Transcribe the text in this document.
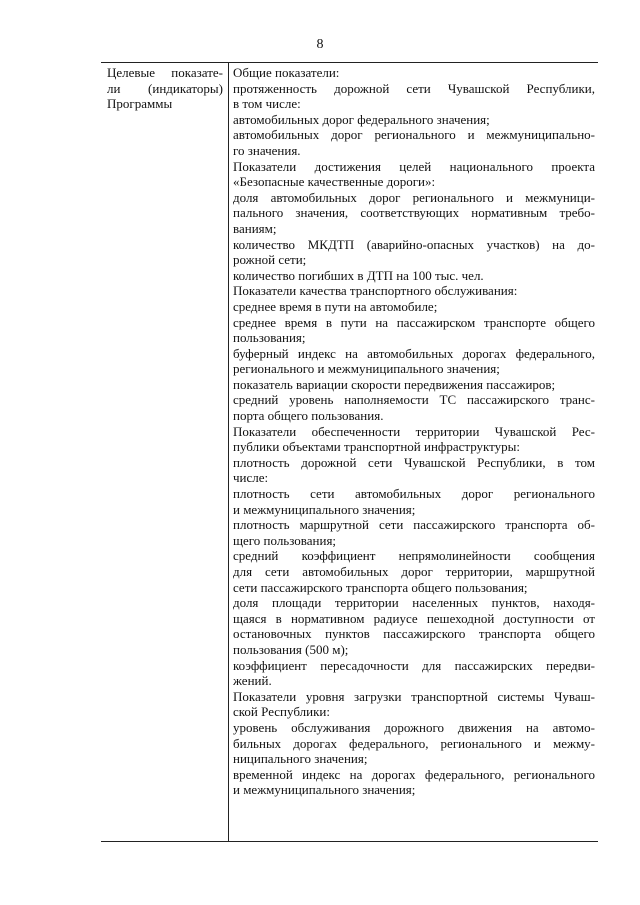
8
Целевые показате-
ли (индикаторы)
Программы
Общие показатели:
протяженность дорожной сети Чувашской Республики,
в том числе:
автомобильных дорог федерального значения;
автомобильных дорог регионального и межмуниципально-
го значения.
Показатели достижения целей национального проекта
«Безопасные качественные дороги»:
доля автомобильных дорог регионального и межмуници-
пального значения, соответствующих нормативным требо-
ваниям;
количество МКДТП (аварийно-опасных участков) на до-
рожной сети;
количество погибших в ДТП на 100 тыс. чел.
Показатели качества транспортного обслуживания:
среднее время в пути на автомобиле;
среднее время в пути на пассажирском транспорте общего
пользования;
буферный индекс на автомобильных дорогах федерального,
регионального и межмуниципального значения;
показатель вариации скорости передвижения пассажиров;
средний уровень наполняемости ТС пассажирского транс-
порта общего пользования.
Показатели обеспеченности территории Чувашской Рес-
публики объектами транспортной инфраструктуры:
плотность дорожной сети Чувашской Республики, в том
числе:
плотность сети автомобильных дорог регионального
и межмуниципального значения;
плотность маршрутной сети пассажирского транспорта об-
щего пользования;
средний коэффициент непрямолинейности сообщения
для сети автомобильных дорог территории, маршрутной
сети пассажирского транспорта общего пользования;
доля площади территории населенных пунктов, находя-
щаяся в нормативном радиусе пешеходной доступности от
остановочных пунктов пассажирского транспорта общего
пользования (500 м);
коэффициент пересадочности для пассажирских передви-
жений.
Показатели уровня загрузки транспортной системы Чуваш-
ской Республики:
уровень обслуживания дорожного движения на автомо-
бильных дорогах федерального, регионального и межму-
ниципального значения;
временной индекс на дорогах федерального, регионального
и межмуниципального значения;
